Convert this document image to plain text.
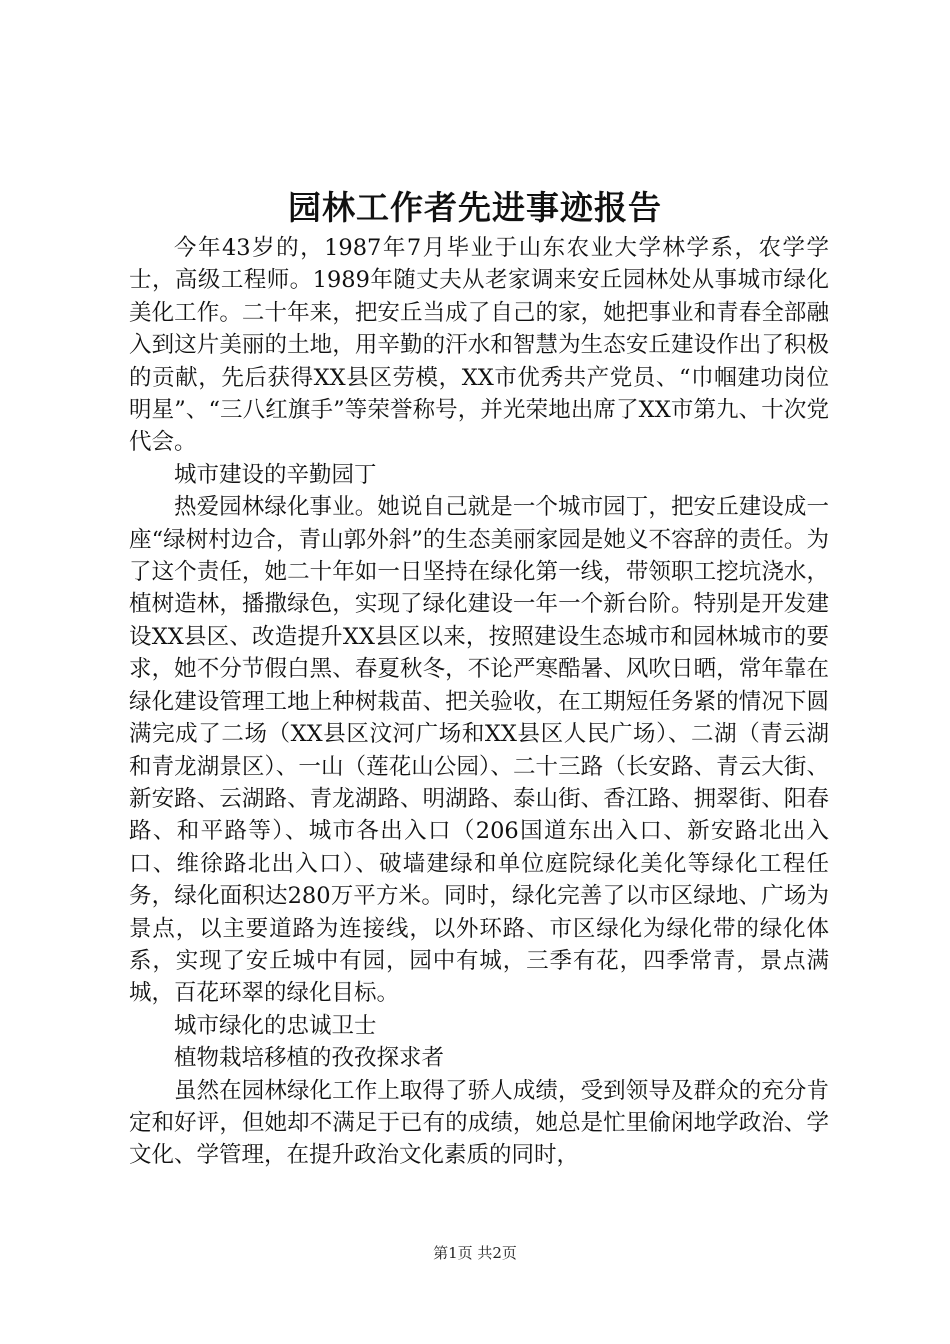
园林工作者先进事迹报告

今年43岁的，1987年7月毕业于山东农业大学林学系，农学学士，高级工程师。1989年随丈夫从老家调来安丘园林处从事城市绿化美化工作。二十年来，把安丘当成了自己的家，她把事业和青春全部融入到这片美丽的土地，用辛勤的汗水和智慧为生态安丘建设作出了积极的贡献，先后获得XX县区劳模，XX市优秀共产党员、“巾帼建功岗位明星”、“三八红旗手”等荣誉称号，并光荣地出席了XX市第九、十次党代会。

城市建设的辛勤园丁

热爱园林绿化事业。她说自己就是一个城市园丁，把安丘建设成一座“绿树村边合，青山郭外斜”的生态美丽家园是她义不容辞的责任。为了这个责任，她二十年如一日坚持在绿化第一线，带领职工挖坑浇水，植树造林，播撒绿色，实现了绿化建设一年一个新台阶。特别是开发建设XX县区、改造提升XX县区以来，按照建设生态城市和园林城市的要求，她不分节假白黑、春夏秋冬，不论严寒酷暑、风吹日晒，常年靠在绿化建设管理工地上种树栽苗、把关验收，在工期短任务紧的情况下圆满完成了二场（XX县区汶河广场和XX县区人民广场）、二湖（青云湖和青龙湖景区）、一山（莲花山公园）、二十三路（长安路、青云大街、新安路、云湖路、青龙湖路、明湖路、泰山街、香江路、拥翠街、阳春路、和平路等）、城市各出入口（206国道东出入口、新安路北出入口、维徐路北出入口）、破墙建绿和单位庭院绿化美化等绿化工程任务，绿化面积达280万平方米。同时，绿化完善了以市区绿地、广场为景点，以主要道路为连接线，以外环路、市区绿化为绿化带的绿化体系，实现了安丘城中有园，园中有城，三季有花，四季常青，景点满城，百花环翠的绿化目标。

城市绿化的忠诚卫士

植物栽培移植的孜孜探求者

虽然在园林绿化工作上取得了骄人成绩，受到领导及群众的充分肯定和好评，但她却不满足于已有的成绩，她总是忙里偷闲地学政治、学文化、学管理，在提升政治文化素质的同时，

第1页 共2页
